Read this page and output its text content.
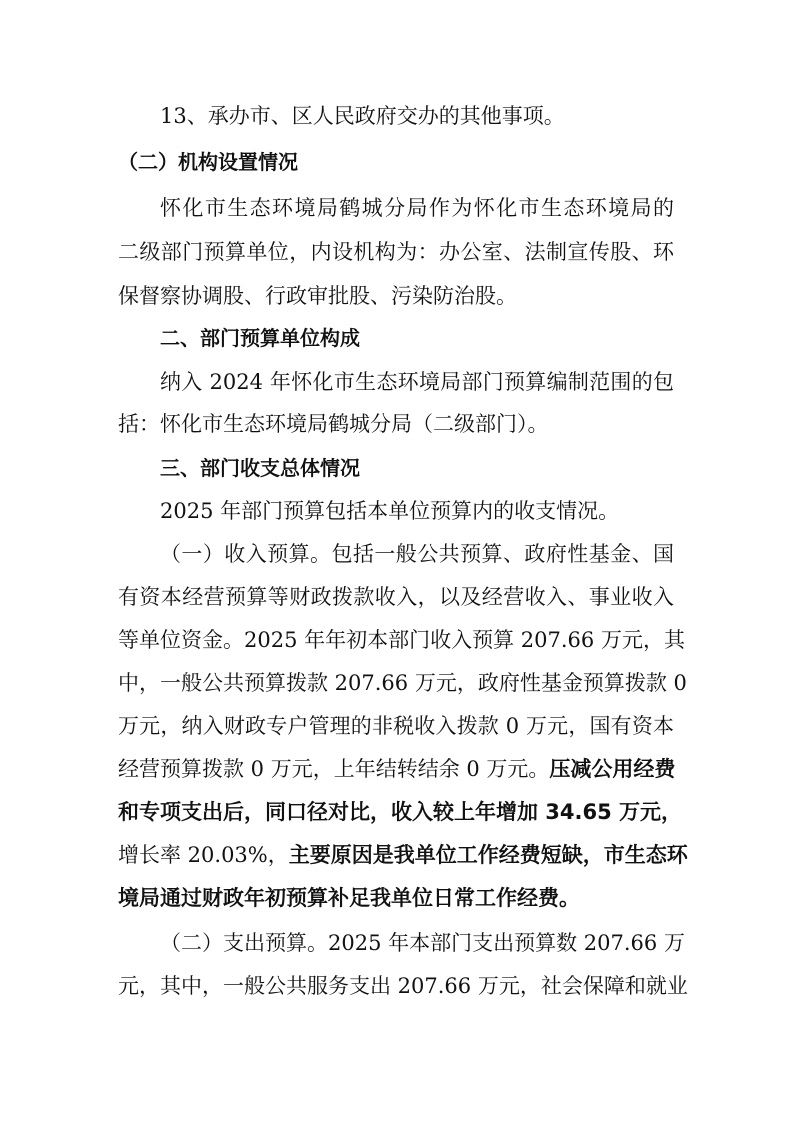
13、承办市、区人民政府交办的其他事项。
（二）机构设置情况
怀化市生态环境局鹤城分局作为怀化市生态环境局的
二级部门预算单位，内设机构为：办公室、法制宣传股、环
保督察协调股、行政审批股、污染防治股。
二、部门预算单位构成
纳入 2024 年怀化市生态环境局部门预算编制范围的包
括：怀化市生态环境局鹤城分局（二级部门）。
三、部门收支总体情况
2025 年部门预算包括本单位预算内的收支情况。
（一）收入预算。包括一般公共预算、政府性基金、国
有资本经营预算等财政拨款收入，以及经营收入、事业收入
等单位资金。2025 年年初本部门收入预算 207.66 万元，其
中，一般公共预算拨款 207.66 万元，政府性基金预算拨款 0
万元，纳入财政专户管理的非税收入拨款 0 万元，国有资本
经营预算拨款 0 万元，上年结转结余 0 万元。压减公用经费
和专项支出后，同口径对比，收入较上年增加 34.65 万元，
增长率 20.03%，主要原因是我单位工作经费短缺，市生态环
境局通过财政年初预算补足我单位日常工作经费。
（二）支出预算。2025 年本部门支出预算数 207.66 万
元，其中，一般公共服务支出 207.66 万元，社会保障和就业
